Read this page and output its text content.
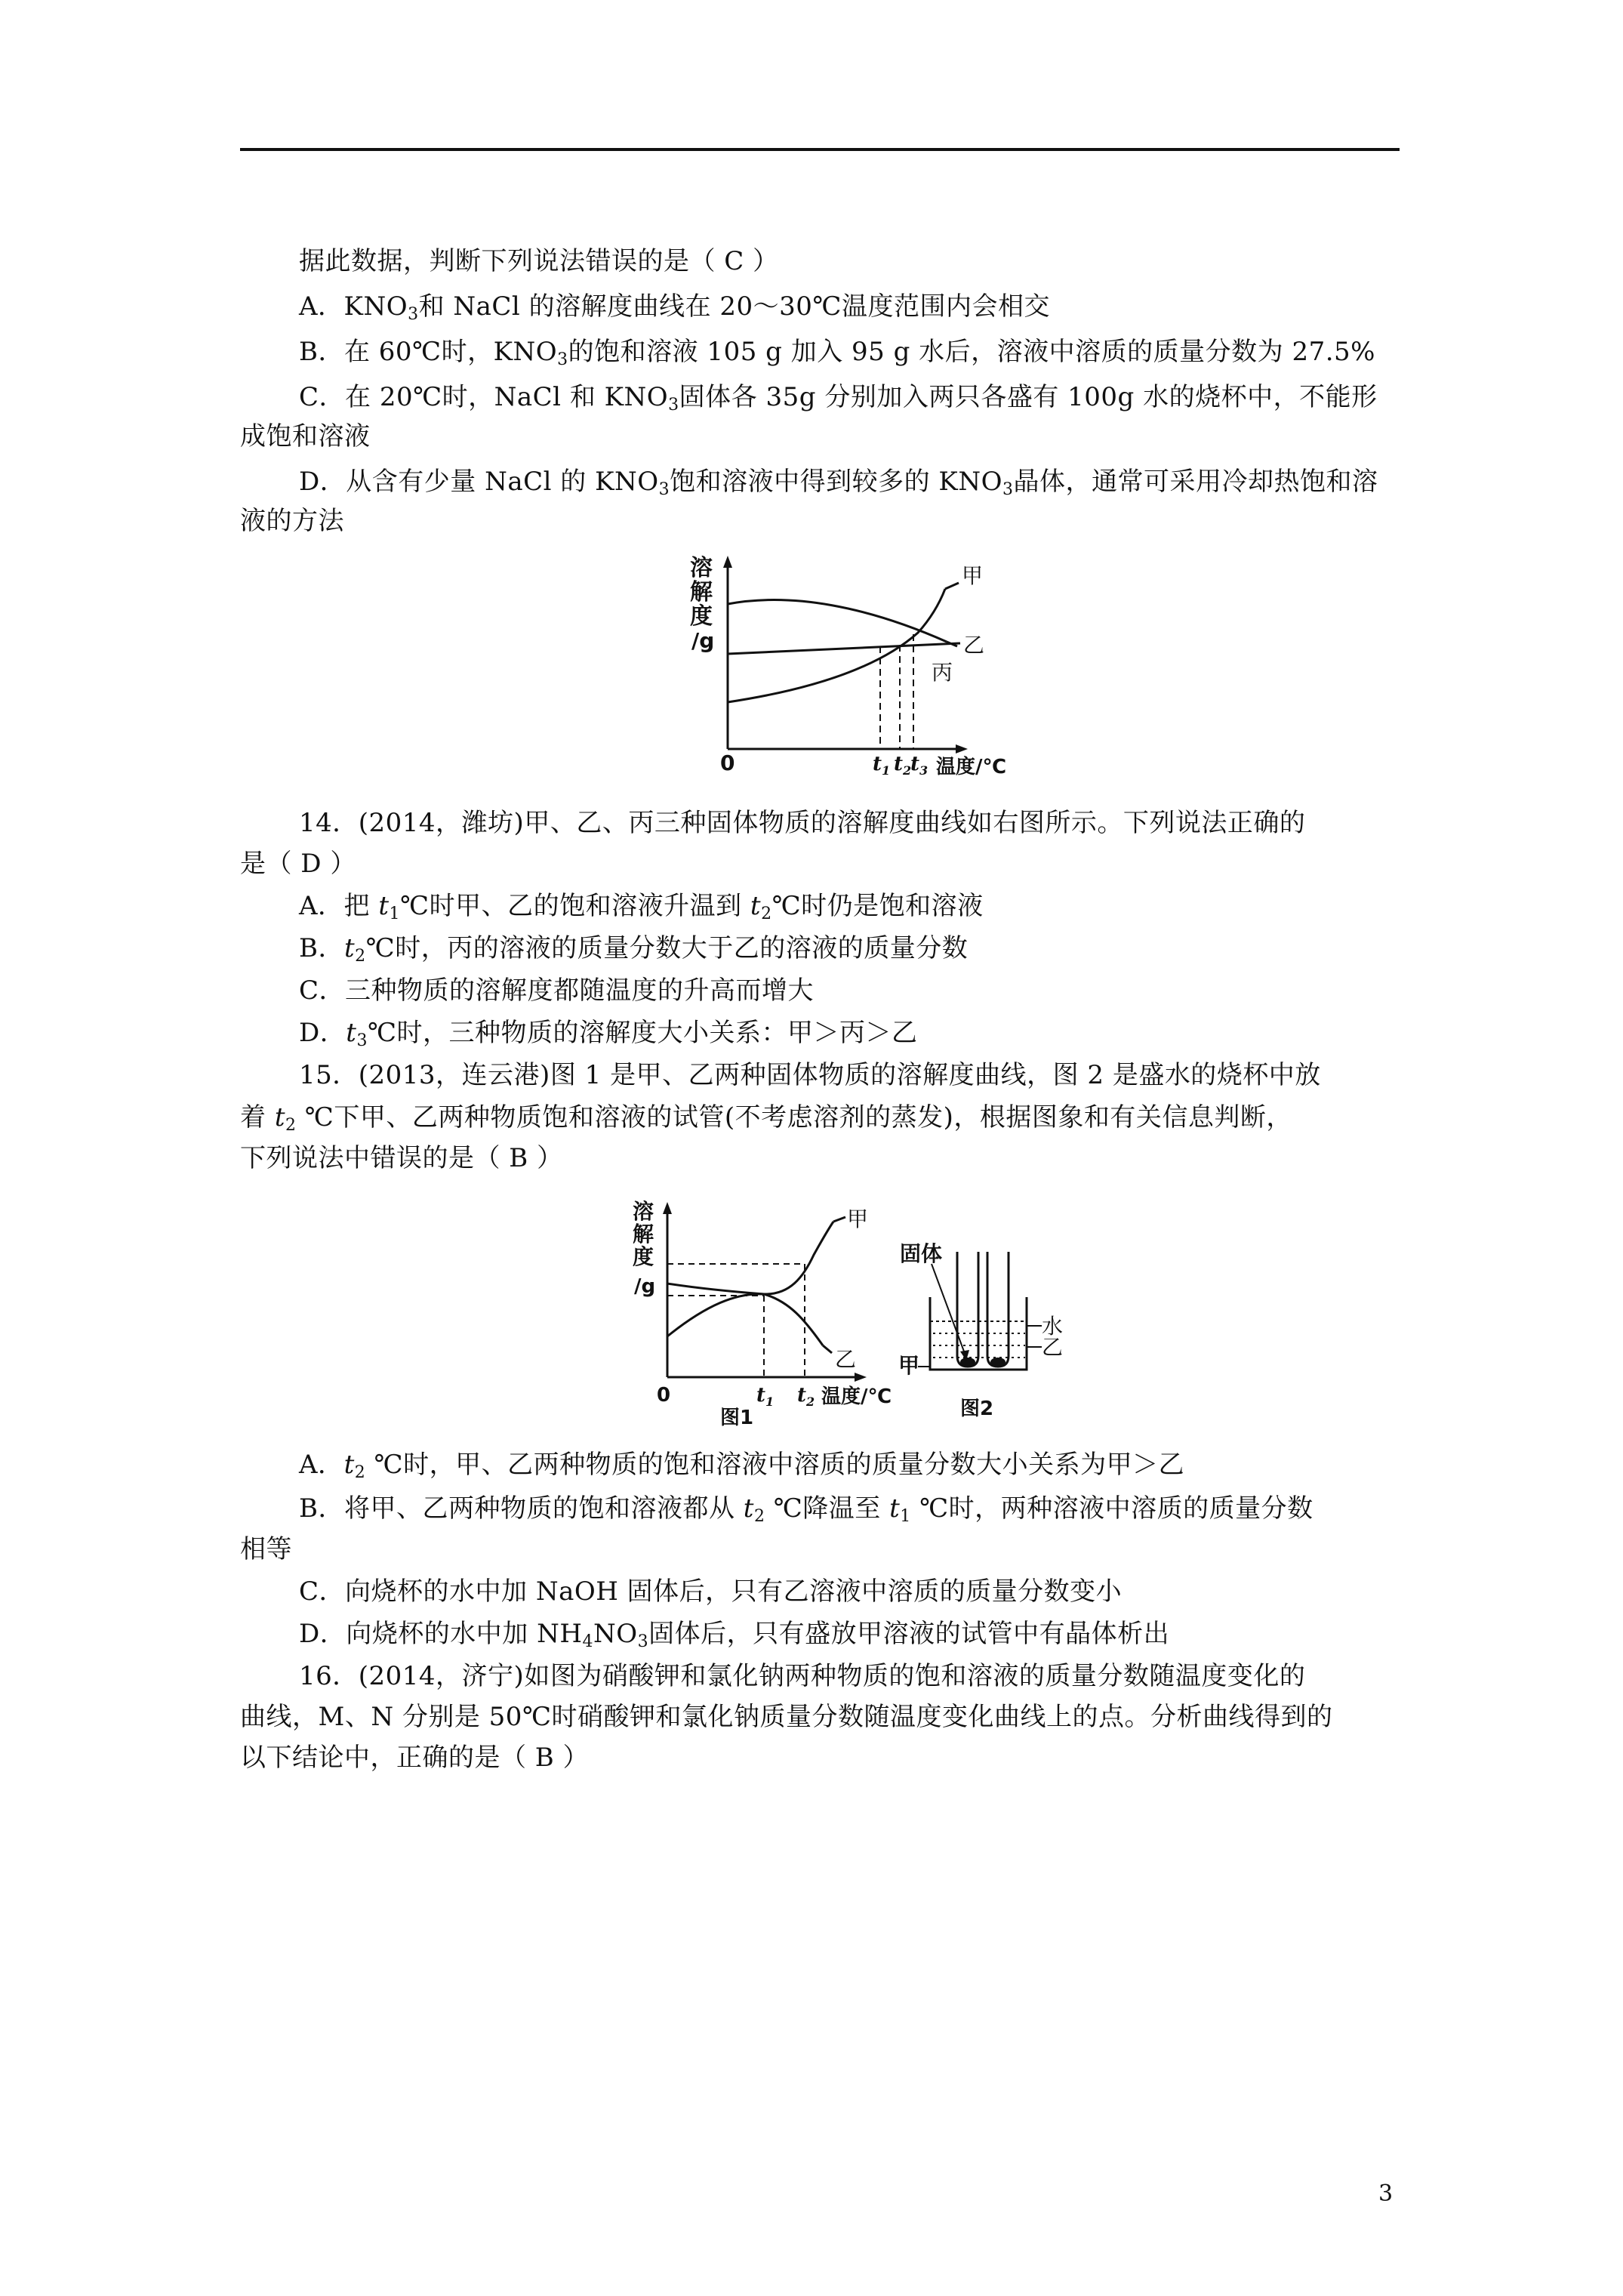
据此数据，判断下列说法错误的是（ C ）
A．$KNO_3$和 NaCl 的溶解度曲线在 20～30℃温度范围内会相交
B．在 60℃时，$KNO_3$的饱和溶液 105 g 加入 95 g 水后，溶液中溶质的质量分数为 27.5%
C．在 20℃时，NaCl 和 $KNO_3$固体各 35g 分别加入两只各盛有 100g 水的烧杯中，不能形
成饱和溶液
D．从含有少量 NaCl 的 $KNO_3$饱和溶液中得到较多的 $KNO_3$晶体，通常可采用冷却热饱和溶
液的方法
溶
解
度
/g
0
甲
乙
丙
$t_1$ $t_2$
$t_3$ 温度/℃
14．(2014，潍坊)甲、乙、丙三种固体物质的溶解度曲线如右图所示。下列说法正确的
是（ D ）
A．把 $t_1℃$时甲、乙的饱和溶液升温到 $t_2℃$时仍是饱和溶液
B．$t_2℃$时，丙的溶液的质量分数大于乙的溶液的质量分数
C．三种物质的溶解度都随温度的升高而增大
D．$t_3℃$时，三种物质的溶解度大小关系：甲＞丙＞乙
15．(2013，连云港)图 1 是甲、乙两种固体物质的溶解度曲线，图 2 是盛水的烧杯中放
着 $t_2$ ℃下甲、乙两种物质饱和溶液的试管(不考虑溶剂的蒸发)，根据图象和有关信息判断，
下列说法中错误的是（ B ）
溶
解
度
/g
0
甲
乙
$t_1$ $t_2$ 温度/℃
图1
固体
水
乙
甲
图2
A．$t_2$ ℃时，甲、乙两种物质的饱和溶液中溶质的质量分数大小关系为甲＞乙
B．将甲、乙两种物质的饱和溶液都从 $t_2$ ℃降温至 $t_1$ ℃时，两种溶液中溶质的质量分数
相等
C．向烧杯的水中加 NaOH 固体后，只有乙溶液中溶质的质量分数变小
D．向烧杯的水中加 $NH_4NO_3$固体后，只有盛放甲溶液的试管中有晶体析出
16．(2014，济宁)如图为硝酸钾和氯化钠两种物质的饱和溶液的质量分数随温度变化的
曲线，M、N 分别是 50℃时硝酸钾和氯化钠质量分数随温度变化曲线上的点。分析曲线得到的
以下结论中，正确的是（ B ）
3
